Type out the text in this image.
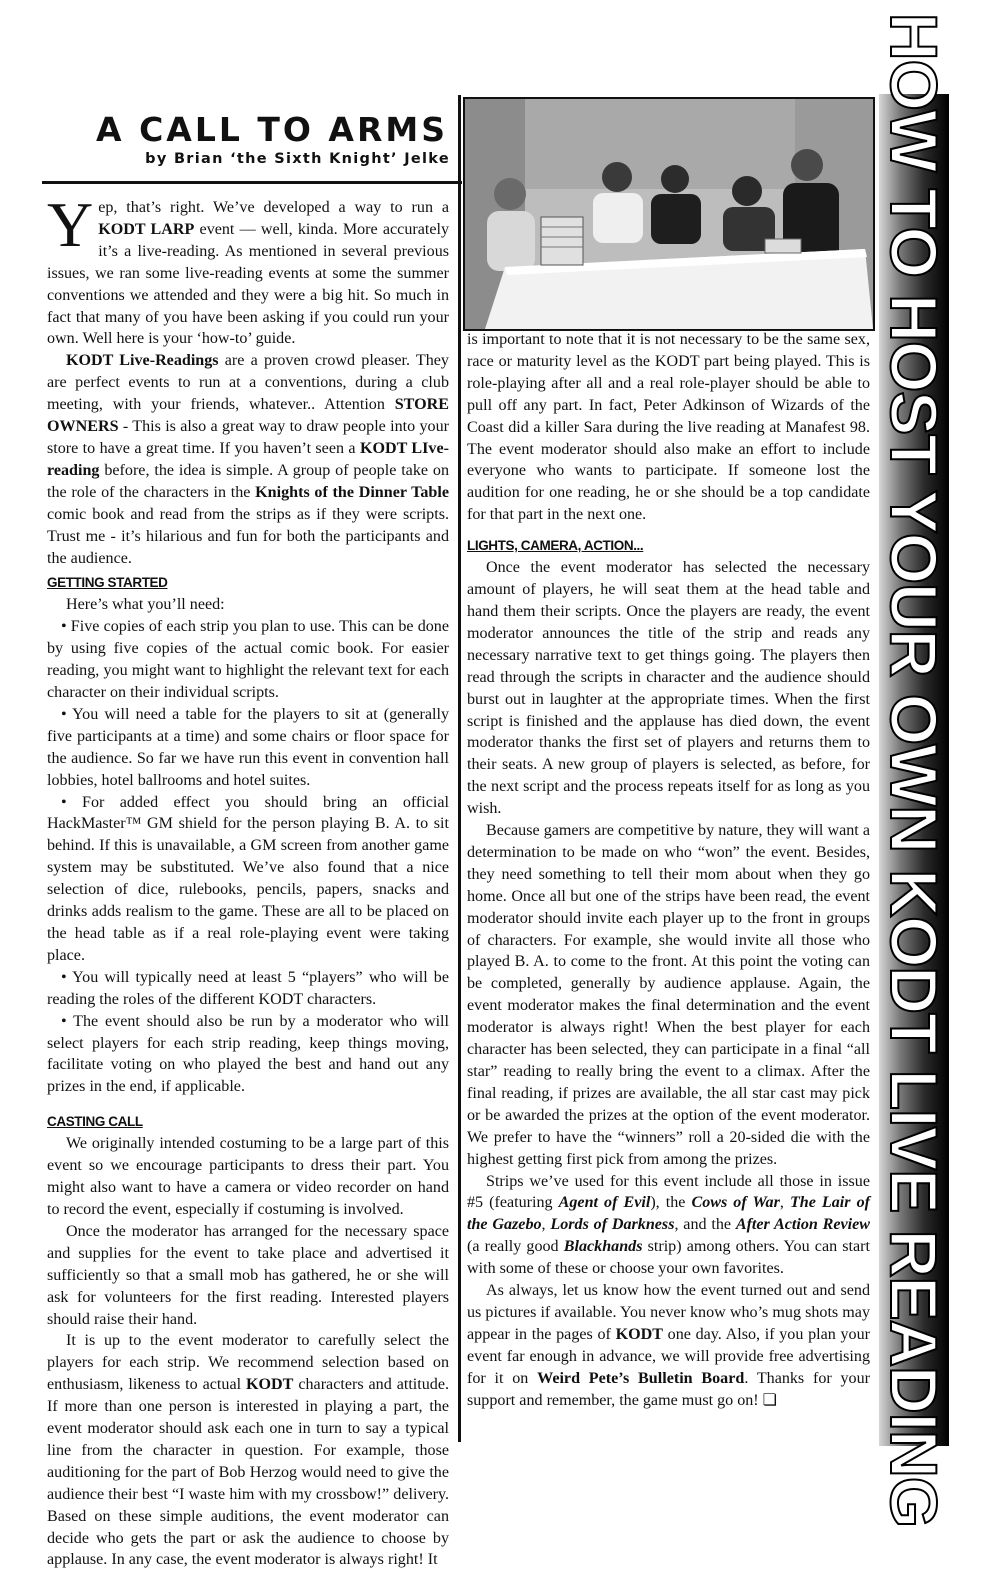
A CALL TO ARMS
by Brian ‘the Sixth Knight’ Jelke

Yep, that’s right. We’ve developed a way to run a KODT LARP event — well, kinda. More accurately it’s a live-reading. As mentioned in several previous issues, we ran some live-reading events at some the summer conventions we attended and they were a big hit. So much in fact that many of you have been asking if you could run your own. Well here is your ‘how-to’ guide.

KODT Live-Readings are a proven crowd pleaser. They are perfect events to run at a conventions, during a club meeting, with your friends, whatever.. Attention STORE OWNERS - This is also a great way to draw people into your store to have a great time. If you haven’t seen a KODT LIve-reading before, the idea is simple. A group of people take on the role of the characters in the Knights of the Dinner Table comic book and read from the strips as if they were scripts. Trust me - it’s hilarious and fun for both the participants and the audience.

GETTING STARTED

Here’s what you’ll need:

• Five copies of each strip you plan to use. This can be done by using five copies of the actual comic book. For easier reading, you might want to highlight the relevant text for each character on their individual scripts.

• You will need a table for the players to sit at (generally five participants at a time) and some chairs or floor space for the audience. So far we have run this event in convention hall lobbies, hotel ballrooms and hotel suites.

• For added effect you should bring an official HackMaster™ GM shield for the person playing B. A. to sit behind. If this is unavailable, a GM screen from another game system may be substituted. We’ve also found that a nice selection of dice, rulebooks, pencils, papers, snacks and drinks adds realism to the game. These are all to be placed on the head table as if a real role-playing event were taking place.

• You will typically need at least 5 “players” who will be reading the roles of the different KODT characters.

• The event should also be run by a moderator who will select players for each strip reading, keep things moving, facilitate voting on who played the best and hand out any prizes in the end, if applicable.

CASTING CALL

We originally intended costuming to be a large part of this event so we encourage participants to dress their part. You might also want to have a camera or video recorder on hand to record the event, especially if costuming is involved.

Once the moderator has arranged for the necessary space and supplies for the event to take place and advertised it sufficiently so that a small mob has gathered, he or she will ask for volunteers for the first reading. Interested players should raise their hand.

It is up to the event moderator to carefully select the players for each strip. We recommend selection based on enthusiasm, likeness to actual KODT characters and attitude. If more than one person is interested in playing a part, the event moderator should ask each one in turn to say a typical line from the character in question. For example, those auditioning for the part of Bob Herzog would need to give the audience their best “I waste him with my crossbow!” delivery. Based on these simple auditions, the event moderator can decide who gets the part or ask the audience to choose by applause. In any case, the event moderator is always right! It

is important to note that it is not necessary to be the same sex, race or maturity level as the KODT part being played. This is role-playing after all and a real role-player should be able to pull off any part. In fact, Peter Adkinson of Wizards of the Coast did a killer Sara during the live reading at Manafest 98. The event moderator should also make an effort to include everyone who wants to participate. If someone lost the audition for one reading, he or she should be a top candidate for that part in the next one.

LIGHTS, CAMERA, ACTION...

Once the event moderator has selected the necessary amount of players, he will seat them at the head table and hand them their scripts. Once the players are ready, the event moderator announces the title of the strip and reads any necessary narrative text to get things going. The players then read through the scripts in character and the audience should burst out in laughter at the appropriate times. When the first script is finished and the applause has died down, the event moderator thanks the first set of players and returns them to their seats. A new group of players is selected, as before, for the next script and the process repeats itself for as long as you wish.

Because gamers are competitive by nature, they will want a determination to be made on who “won” the event. Besides, they need something to tell their mom about when they go home. Once all but one of the strips have been read, the event moderator should invite each player up to the front in groups of characters. For example, she would invite all those who played B. A. to come to the front. At this point the voting can be completed, generally by audience applause. Again, the event moderator makes the final determination and the event moderator is always right! When the best player for each character has been selected, they can participate in a final “all star” reading to really bring the event to a climax. After the final reading, if prizes are available, the all star cast may pick or be awarded the prizes at the option of the event moderator. We prefer to have the “winners” roll a 20-sided die with the highest getting first pick from among the prizes.

Strips we’ve used for this event include all those in issue #5 (featuring Agent of Evil), the Cows of War, The Lair of the Gazebo, Lords of Darkness, and the After Action Review (a really good Blackhands strip) among others. You can start with some of these or choose your own favorites.

As always, let us know how the event turned out and send us pictures if available. You never know who’s mug shots may appear in the pages of KODT one day. Also, if you plan your event far enough in advance, we will provide free advertising for it on Weird Pete’s Bulletin Board. Thanks for your support and remember, the game must go on! ❏	HOW TO HOST YOUR OWN KODT LIVE READING
